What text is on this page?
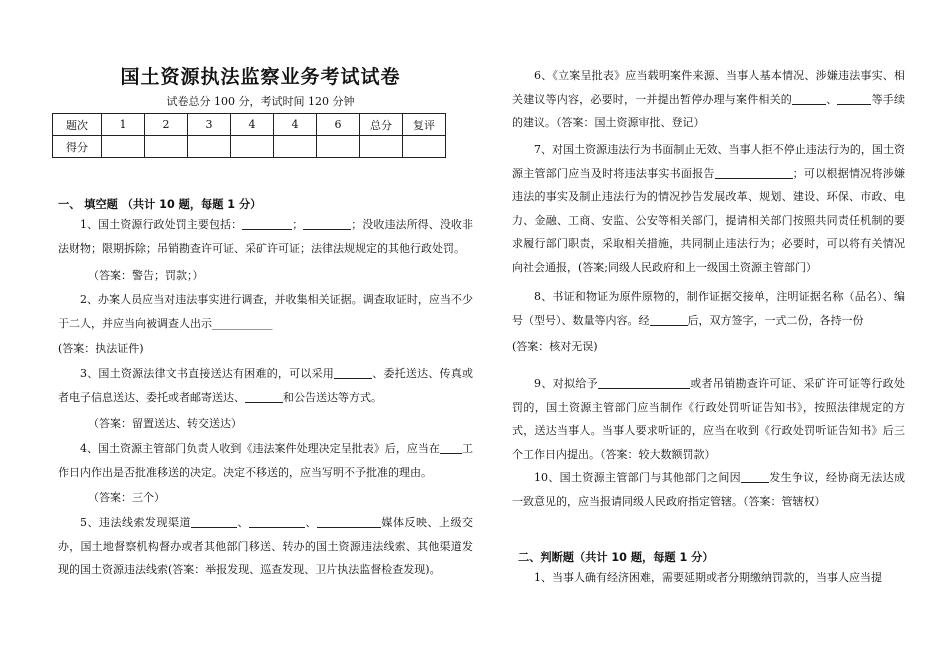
国土资源执法监察业务考试试卷
试卷总分 100 分，考试时间 120 分钟
题次	1	2	3	4	4	6	总分	复评
得分								
一、 填空题 （共计 10 题，每题 1 分）
1、国土资源行政处罚主要包括：	；	；没收违法所得、没收非法财物；限期拆除；吊销勘查许可证、采矿许可证；法律法规规定的其他行政处罚。
（答案：警告；罚款；）
2、办案人员应当对违法事实进行调查，并收集相关证据。调查取证时，应当不少于二人，并应当向被调查人出示___________
(答案：执法证件)
3、国土资源法律文书直接送达有困难的，可以采用	、委托送达、传真或者电子信息送达、委托或者邮寄送达、	和公告送达等方式。
（答案：留置送达、转交送达）
4、国土资源主管部门负责人收到《违法案件处理决定呈批表》后，应当在 工作日内作出是否批准移送的决定。决定不移送的，应当写明不予批准的理由。
（答案：三个）
5、违法线索发现渠道	、	、	媒体反映、上级交办，国土地督察机构督办或者其他部门移送、转办的国土资源违法线索、其他渠道发现的国土资源违法线索(答案：举报发现、巡查发现、卫片执法监督检查发现)。
6、《立案呈批表》应当载明案件来源、当事人基本情况、涉嫌违法事实、相关建议等内容，必要时，一并提出暂停办理与案件相关的	、	等手续的建议。（答案：国土资源审批、登记）
7、对国土资源违法行为书面制止无效、当事人拒不停止违法行为的，国土资源主管部门应当及时将违法事实书面报告	；可以根据情况将涉嫌违法的事实及制止违法行为的情况抄告发展改革、规划、建设、环保、市政、电力、金融、工商、安监、公安等相关部门，提请相关部门按照共同责任机制的要求履行部门职责，采取相关措施，共同制止违法行为；必要时，可以将有关情况向社会通报，(答案;同级人民政府和上一级国土资源主管部门）
8、书证和物证为原件原物的，制作证据交接单，注明证据名称（品名）、编号（型号）、数量等内容。经	后，双方签字，一式二份，各持一份
(答案：核对无误)
9、对拟给予	或者吊销勘查许可证、采矿许可证等行政处罚的，国土资源主管部门应当制作《行政处罚听证告知书》，按照法律规定的方式，送达当事人。当事人要求听证的，应当在收到《行政处罚听证告知书》后三个工作日内提出。（答案：较大数额罚款）
10、国土资源主管部门与其他部门之间因	发生争议，经协商无法达成一致意见的，应当报请同级人民政府指定管辖。（答案：管辖权）
二、判断题（共计 10 题，每题 1 分）
1、当事人确有经济困难，需要延期或者分期缴纳罚款的，当事人应当提
